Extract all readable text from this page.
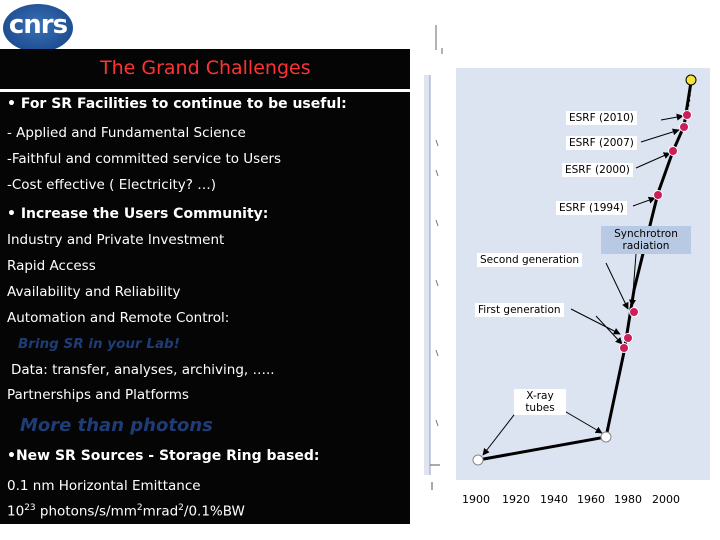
cnrs
The Grand Challenges
• For SR Facilities to continue to be useful:
- Applied and Fundamental Science
-Faithful and committed service to Users
-Cost effective ( Electricity? …)
• Increase the Users Community:
Industry and Private Investment
Rapid Access
Availability and Reliability
Automation and Remote Control:
Bring SR in your Lab!
Data: transfer, analyses, archiving, …..
Partnerships and Platforms
More than photons
•New SR Sources - Storage Ring based:
0.1 nm Horizontal Emittance
$10^{23}$ photons/$s/mm^2mrad^2/0.1\%BW$
ESRF (2010)
ESRF (2007)
ESRF (2000)
ESRF (1994)
Synchrotron radiation
Second generation
First generation
X-ray tubes
1900 1920 1940 1960 1980 2000
